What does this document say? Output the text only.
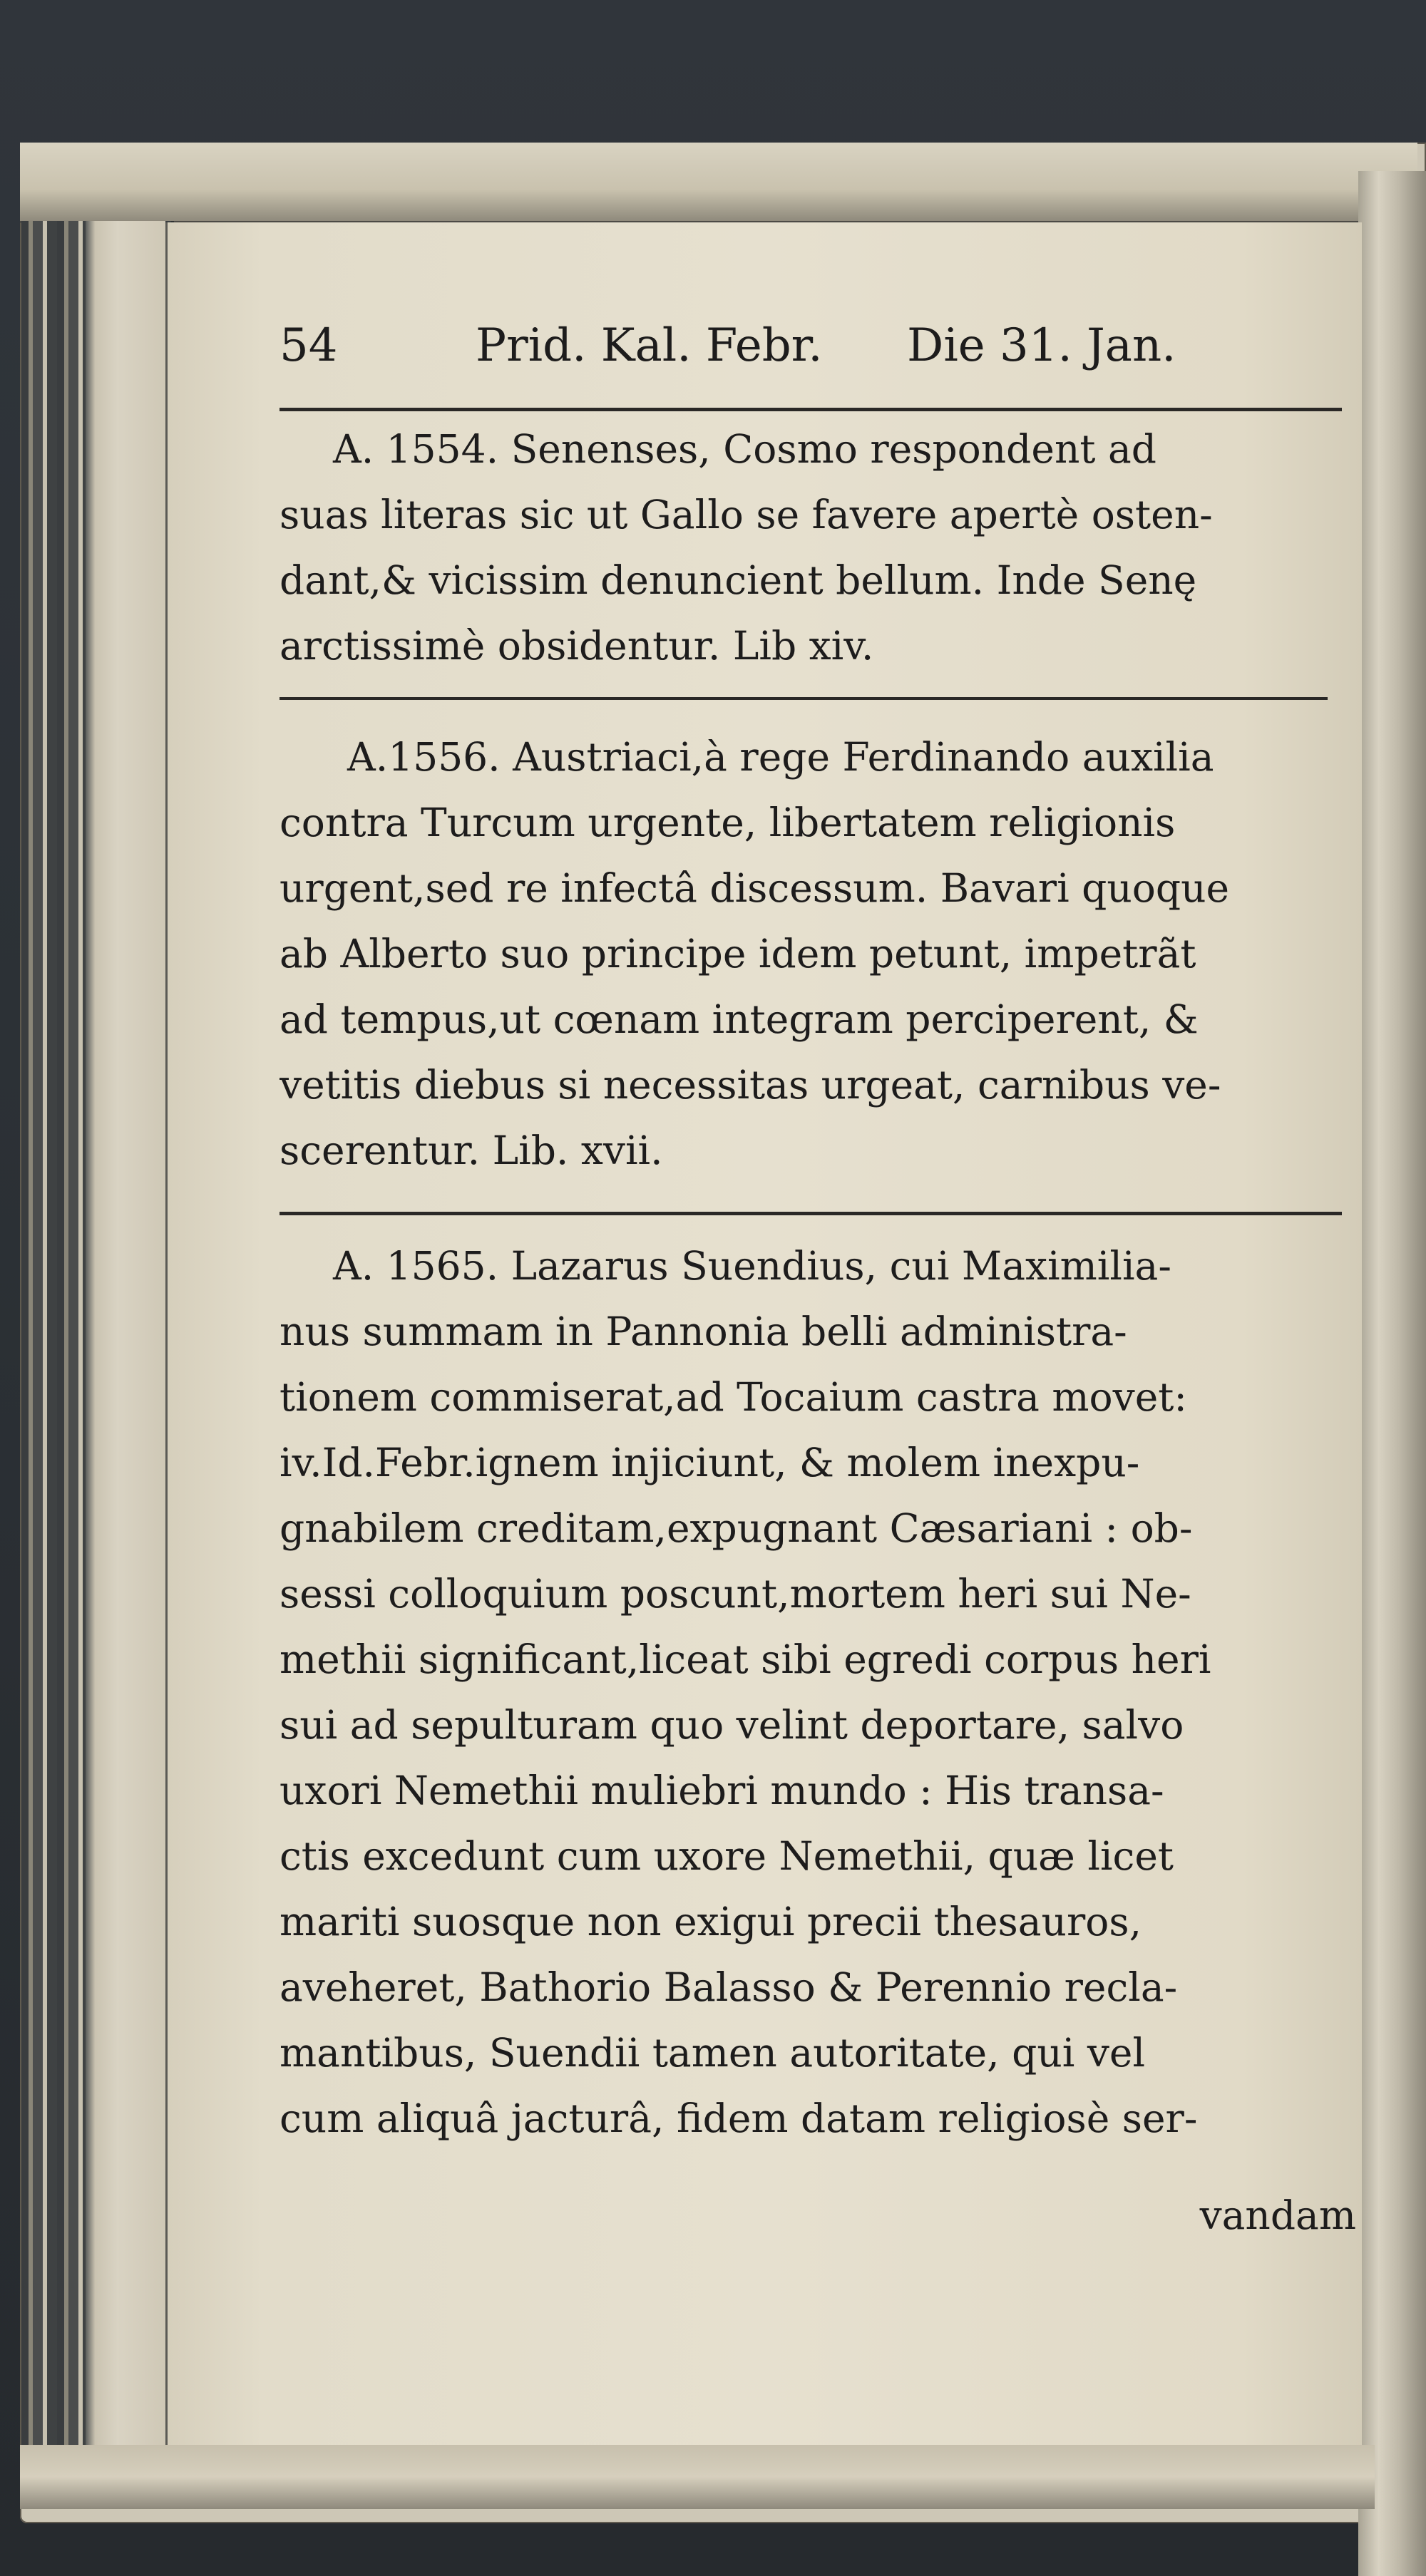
54	Prid. Kal. Febr. Die 31. Jan.
A. 1554. Senenses, Cosmo respondent ad
suas literas sic ut Gallo se favere apertè osten-
dant,& vicissim denuncient bellum. Inde Senę
arctissimè obsidentur. Lib xiv.
A.1556. Austriaci,à rege Ferdinando auxilia
contra Turcum urgente, libertatem religionis
urgent,sed re infectâ discessum. Bavari quoque
ab Alberto suo principe idem petunt, impetrãt
ad tempus,ut cœnam integram perciperent, &
vetitis diebus si necessitas urgeat, carnibus ve-
scerentur. Lib. xvii.
A. 1565. Lazarus Suendius, cui Maximilia-
nus summam in Pannonia belli administra-
tionem commiserat,ad Tocaium castra movet:
iv.Id.Febr.ignem injiciunt, & molem inexpu-
gnabilem creditam,expugnant Cæsariani : ob-
sessi colloquium poscunt,mortem heri sui Ne-
methii significant,liceat sibi egredi corpus heri
sui ad sepulturam quo velint deportare, salvo
uxori Nemethii muliebri mundo : His transa-
ctis excedunt cum uxore Nemethii, quæ licet
mariti suosque non exigui precii thesauros,
aveheret, Bathorio Balasso & Perennio recla-
mantibus, Suendii tamen autoritate, qui vel
cum aliquâ jacturâ, fidem datam religiosè ser-
vandam
